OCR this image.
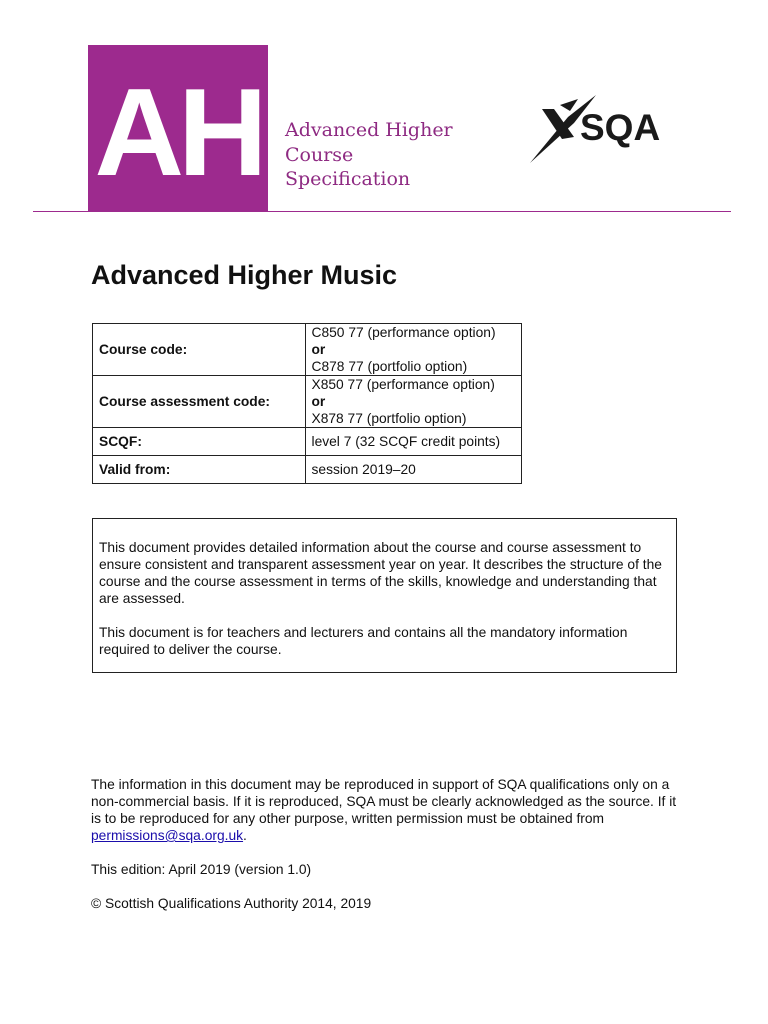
AH	Advanced Higher
Course
Specification
SQA
Advanced Higher Music
Course code:	C850 77 (performance option)
or
C878 77 (portfolio option)

Course assessment code:	X850 77 (performance option)
or
X878 77 (portfolio option)

SCQF:	level 7 (32 SCQF credit points)
Valid from:	session 2019–20

This document provides detailed information about the course and course assessment to ensure consistent and transparent assessment year on year. It describes the structure of the course and the course assessment in terms of the skills, knowledge and understanding that are assessed.

This document is for teachers and lecturers and contains all the mandatory information required to deliver the course.

The information in this document may be reproduced in support of SQA qualifications only on a non-commercial basis. If it is reproduced, SQA must be clearly acknowledged as the source. If it is to be reproduced for any other purpose, written permission must be obtained from permissions@sqa.org.uk.

This edition: April 2019 (version 1.0)

© Scottish Qualifications Authority 2014, 2019
